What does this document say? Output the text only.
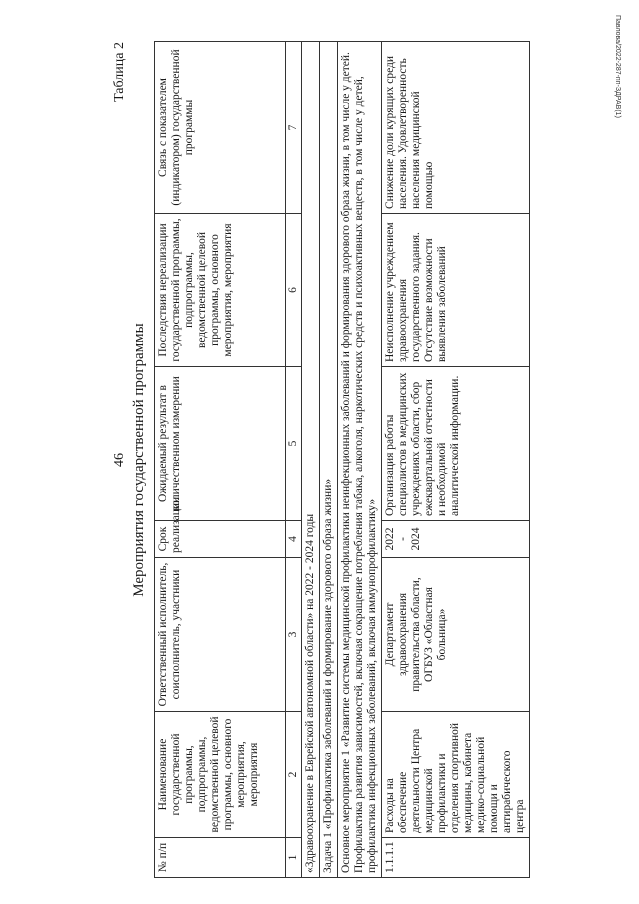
Павлова/2022-287-пп-ЗДРАВ(1)
46
Таблица 2
Мероприятия государственной программы
№ п/п	Наименование государственной программы, подпрограммы, ведомственной целевой программы, основного мероприятия, мероприятия	Ответственный исполнитель, соисполнитель, участники	Срок реализации	Ожидаемый результат в количественном измерении	Последствия нереализации государственной программы, подпрограммы, ведомственной целевой программы, основного мероприятия, мероприятия	Связь с показателем (индикатором) государственной программы
1	2	3	4	5	6	7
«Здравоохранение в Еврейской автономной области» на 2022 - 2024 годы						
Задача 1 «Профилактика заболеваний и формирование здорового образа жизни»						
Основное мероприятие 1 «Развитие системы медицинской профилактики неинфекционных заболеваний и формирования здорового образа жизни, в том числе у детей. Профилактика развития зависимостей, включая сокращение потребления табака, алкоголя, наркотических средств и психоактивных веществ, в том числе у детей, профилактика инфекционных заболеваний, включая иммунопрофилактику»						
1.1.1.1	Расходы на обеспечение деятельности Центра медицинской профилактики и отделения спортивной медицины, кабинета медико-социальной помощи и антирабического центра	Департамент здравоохранения правительства области, ОГБУЗ «Областная больница»	2022 - 2024	Организация работы специалистов в медицинских учреждениях области, сбор ежеквартальной отчетности и необходимой аналитической информации.	Неисполнение учреждением здравоохранения государственного задания. Отсутствие возможности выявления заболеваний	Снижение доли курящих среди населения. Удовлетворенность населения медицинской помощью
